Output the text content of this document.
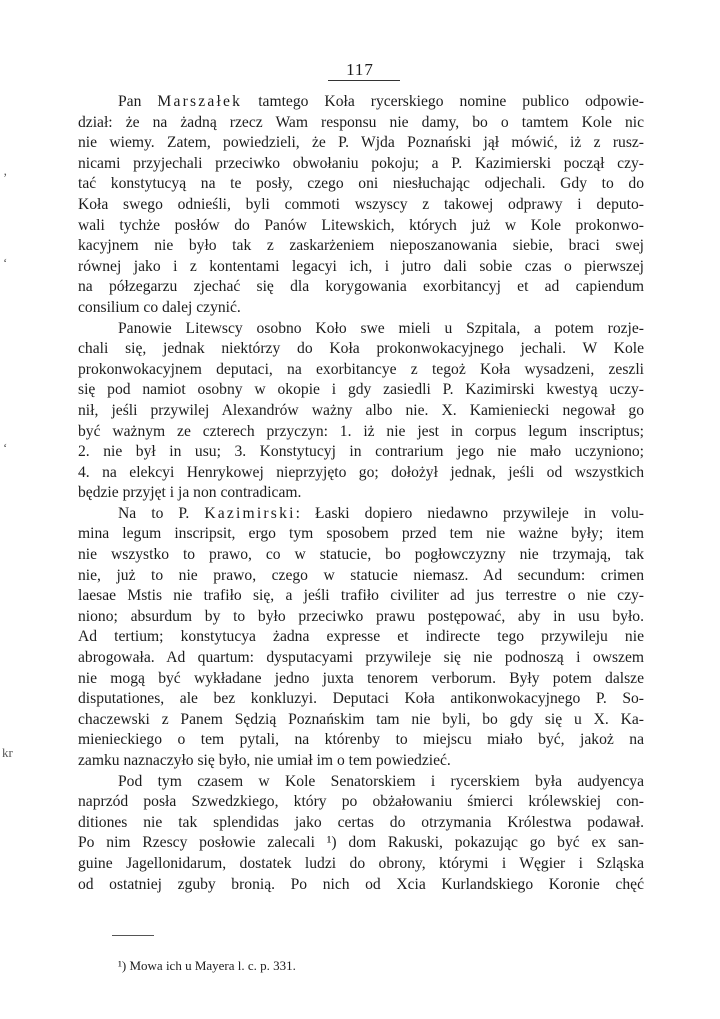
117
Pan Marszałek tamtego Koła rycerskiego nomine publico odpowie-
dział: że na żadną rzecz Wam responsu nie damy, bo o tamtem Kole nic
nie wiemy. Zatem, powiedzieli, że P. Wjda Poznański jął mówić, iż z rusz-
nicami przyjechali przeciwko obwołaniu pokoju; a P. Kazimierski począł czy-
tać konstytucyą na te posły, czego oni niesłuchając odjechali. Gdy to do
Koła swego odnieśli, byli commoti wszyscy z takowej odprawy i deputo-
wali tychże posłów do Panów Litewskich, których już w Kole prokonwo-
kacyjnem nie było tak z zaskarżeniem nieposzanowania siebie, braci swej
równej jako i z kontentami legacyi ich, i jutro dali sobie czas o pierwszej
na półzegarzu zjechać się dla korygowania exorbitancyj et ad capiendum
consilium co dalej czynić.
Panowie Litewscy osobno Koło swe mieli u Szpitala, a potem rozje-
chali się, jednak niektórzy do Koła prokonwokacyjnego jechali. W Kole
prokonwokacyjnem deputaci, na exorbitancye z tegoż Koła wysadzeni, zeszli
się pod namiot osobny w okopie i gdy zasiedli P. Kazimirski kwestyą uczy-
nił, jeśli przywilej Alexandrów ważny albo nie. X. Kamieniecki negował go
być ważnym ze czterech przyczyn: 1. iż nie jest in corpus legum inscriptus;
2. nie był in usu; 3. Konstytucyj in contrarium jego nie mało uczyniono;
4. na elekcyi Henrykowej nieprzyjęto go; dołożył jednak, jeśli od wszystkich
będzie przyjęt i ja non contradicam.
Na to P. Kazimirski: Łaski dopiero niedawno przywileje in volu-
mina legum inscripsit, ergo tym sposobem przed tem nie ważne były; item
nie wszystko to prawo, co w statucie, bo pogłowczyzny nie trzymają, tak
nie, już to nie prawo, czego w statucie niemasz. Ad secundum: crimen
laesae Mstis nie trafiło się, a jeśli trafiło civiliter ad jus terrestre o nie czy-
niono; absurdum by to było przeciwko prawu postępować, aby in usu było.
Ad tertium; konstytucya żadna expresse et indirecte tego przywileju nie
abrogowała. Ad quartum: dysputacyami przywileje się nie podnoszą i owszem
nie mogą być wykładane jedno juxta tenorem verborum. Były potem dalsze
disputationes, ale bez konkluzyi. Deputaci Koła antikonwokacyjnego P. So-
chaczewski z Panem Sędzią Poznańskim tam nie byli, bo gdy się u X. Ka-
mienieckiego o tem pytali, na którenby to miejscu miało być, jakoż na
zamku naznaczyło się było, nie umiał im o tem powiedzieć.
Pod tym czasem w Kole Senatorskiem i rycerskiem była audyencya
naprzód posła Szwedzkiego, który po obżałowaniu śmierci królewskiej con-
ditiones nie tak splendidas jako certas do otrzymania Królestwa podawał.
Po nim Rzescy posłowie zalecali ¹) dom Rakuski, pokazując go być ex san-
guine Jagellonidarum, dostatek ludzi do obrony, którymi i Węgier i Szląska
od ostatniej zguby bronią. Po nich od Xcia Kurlandskiego Koronie chęć
¹) Mowa ich u Mayera l. c. p. 331.
ʼ
ʻ
ʻ
kr
